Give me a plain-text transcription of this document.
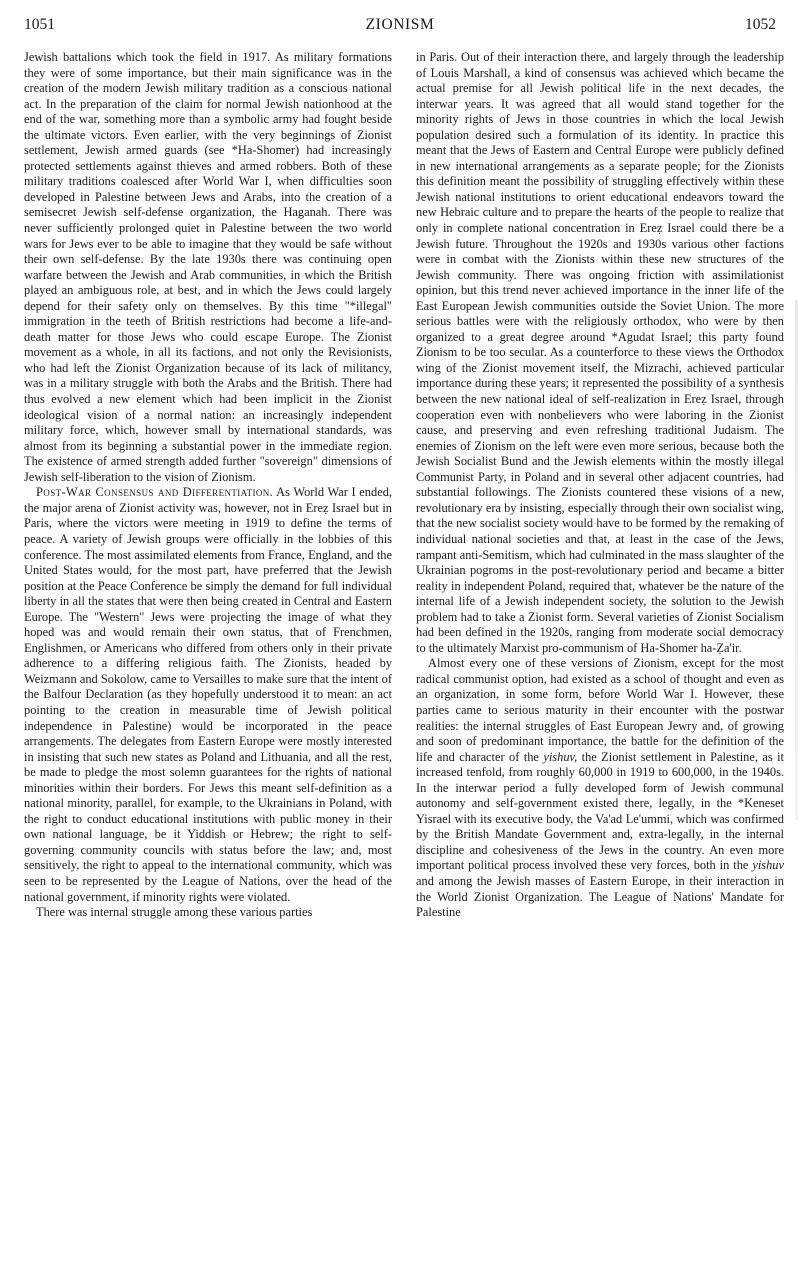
1051	ZIONISM	1052

Jewish battalions which took the field in 1917. As military formations they were of some importance, but their main significance was in the creation of the modern Jewish military tradition as a conscious national act. In the preparation of the claim for normal Jewish nationhood at the end of the war, something more than a symbolic army had fought beside the ultimate victors. Even earlier, with the very beginnings of Zionist settlement, Jewish armed guards (see *Ha-Shomer) had increasingly protected settlements against thieves and armed robbers. Both of these military traditions coalesced after World War I, when difficulties soon developed in Palestine between Jews and Arabs, into the creation of a semisecret Jewish self-defense organization, the Haganah. There was never sufficiently prolonged quiet in Palestine between the two world wars for Jews ever to be able to imagine that they would be safe without their own self-defense. By the late 1930s there was continuing open warfare between the Jewish and Arab communities, in which the British played an ambiguous role, at best, and in which the Jews could largely depend for their safety only on themselves. By this time "*illegal" immigration in the teeth of British restrictions had become a life-and-death matter for those Jews who could escape Europe. The Zionist movement as a whole, in all its factions, and not only the Revisionists, who had left the Zionist Organization because of its lack of militancy, was in a military struggle with both the Arabs and the British. There had thus evolved a new element which had been implicit in the Zionist ideological vision of a normal nation: an increasingly independent military force, which, however small by international standards, was almost from its beginning a substantial power in the immediate region. The existence of armed strength added further "sovereign" dimensions of Jewish self-liberation to the vision of Zionism.

Post-War Consensus and Differentiation. As World War I ended, the major arena of Zionist activity was, however, not in Ereẓ Israel but in Paris, where the victors were meeting in 1919 to define the terms of peace. A variety of Jewish groups were officially in the lobbies of this conference. The most assimilated elements from France, England, and the United States would, for the most part, have preferred that the Jewish position at the Peace Conference be simply the demand for full individual liberty in all the states that were then being created in Central and Eastern Europe. The "Western" Jews were projecting the image of what they hoped was and would remain their own status, that of Frenchmen, Englishmen, or Americans who differed from others only in their private adherence to a differing religious faith. The Zionists, headed by Weizmann and Sokolow, came to Versailles to make sure that the intent of the Balfour Declaration (as they hopefully understood it to mean: an act pointing to the creation in measurable time of Jewish political independence in Palestine) would be incorporated in the peace arrangements. The delegates from Eastern Europe were mostly interested in insisting that such new states as Poland and Lithuania, and all the rest, be made to pledge the most solemn guarantees for the rights of national minorities within their borders. For Jews this meant self-definition as a national minority, parallel, for example, to the Ukrainians in Poland, with the right to conduct educational institutions with public money in their own national language, be it Yiddish or Hebrew; the right to self-governing community councils with status before the law; and, most sensitively, the right to appeal to the international community, which was seen to be represented by the League of Nations, over the head of the national government, if minority rights were violated.

There was internal struggle among these various parties

in Paris. Out of their interaction there, and largely through the leadership of Louis Marshall, a kind of consensus was achieved which became the actual premise for all Jewish political life in the next decades, the interwar years. It was agreed that all would stand together for the minority rights of Jews in those countries in which the local Jewish population desired such a formulation of its identity. In practice this meant that the Jews of Eastern and Central Europe were publicly defined in new international arrangements as a separate people; for the Zionists this definition meant the possibility of struggling effectively within these Jewish national institutions to orient educational endeavors toward the new Hebraic culture and to prepare the hearts of the people to realize that only in complete national concentration in Ereẓ Israel could there be a Jewish future. Throughout the 1920s and 1930s various other factions were in combat with the Zionists within these new structures of the Jewish community. There was ongoing friction with assimilationist opinion, but this trend never achieved importance in the inner life of the East European Jewish communities outside the Soviet Union. The more serious battles were with the religiously orthodox, who were by then organized to a great degree around *Agudat Israel; this party found Zionism to be too secular. As a counterforce to these views the Orthodox wing of the Zionist movement itself, the Mizrachi, achieved particular importance during these years; it represented the possibility of a synthesis between the new national ideal of self-realization in Ereẓ Israel, through cooperation even with nonbelievers who were laboring in the Zionist cause, and preserving and even refreshing traditional Judaism. The enemies of Zionism on the left were even more serious, because both the Jewish Socialist Bund and the Jewish elements within the mostly illegal Communist Party, in Poland and in several other adjacent countries, had substantial followings. The Zionists countered these visions of a new, revolutionary era by insisting, especially through their own socialist wing, that the new socialist society would have to be formed by the remaking of individual national societies and that, at least in the case of the Jews, rampant anti-Semitism, which had culminated in the mass slaughter of the Ukrainian pogroms in the post-revolutionary period and became a bitter reality in independent Poland, required that, whatever be the nature of the internal life of a Jewish independent society, the solution to the Jewish problem had to take a Zionist form. Several varieties of Zionist Socialism had been defined in the 1920s, ranging from moderate social democracy to the ultimately Marxist pro-communism of Ha-Shomer ha-Ẓa'ir.

Almost every one of these versions of Zionism, except for the most radical communist option, had existed as a school of thought and even as an organization, in some form, before World War I. However, these parties came to serious maturity in their encounter with the postwar realities: the internal struggles of East European Jewry and, of growing and soon of predominant importance, the battle for the definition of the life and character of the yishuv, the Zionist settlement in Palestine, as it increased tenfold, from roughly 60,000 in 1919 to 600,000, in the 1940s. In the interwar period a fully developed form of Jewish communal autonomy and self-government existed there, legally, in the *Keneset Yisrael with its executive body, the Va'ad Le'ummi, which was confirmed by the British Mandate Government and, extra-legally, in the internal discipline and cohesiveness of the Jews in the country. An even more important political process involved these very forces, both in the yishuv and among the Jewish masses of Eastern Europe, in their interaction in the World Zionist Organization. The League of Nations' Mandate for Palestine
